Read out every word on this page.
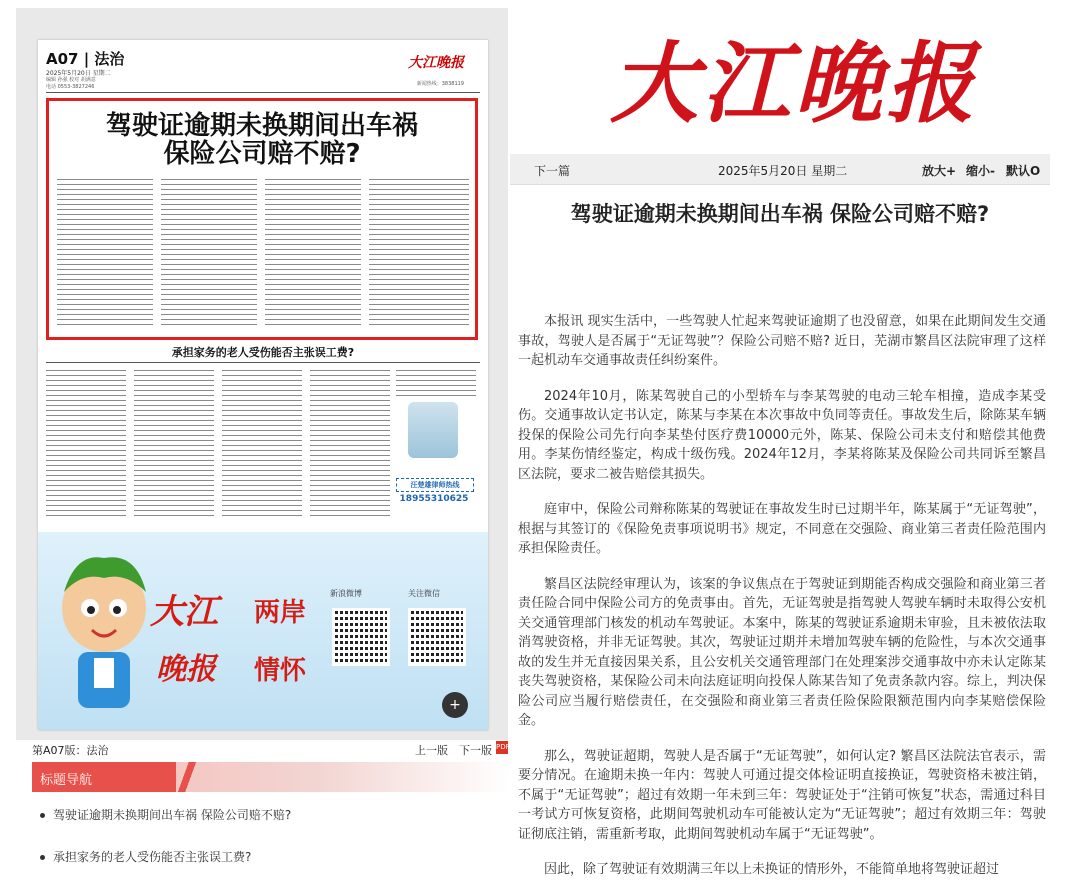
A07 | 法治
2025年5月20日 星期二
编辑 孙强 校对 胡满意
电话 0553-3827246
大江晚报
新闻热线：3838119
驾驶证逾期未换期间出车祸
保险公司赔不赔?
承担家务的老人受伤能否主张误工费?
汪楚雄律师热线
18955310625
大江 两岸
晚报 情怀
新浪微博	关注微信
+
第A07版：法治	上一版 下一版 PDF
标题导航
驾驶证逾期未换期间出车祸 保险公司赔不赔?
承担家务的老人受伤能否主张误工费?
大江晚报
下一篇	2025年5月20日 星期二	放大+ 缩小- 默认O
驾驶证逾期未换期间出车祸 保险公司赔不赔?

本报讯 现实生活中，一些驾驶人忙起来驾驶证逾期了也没留意，如果在此期间发生交通事故，驾驶人是否属于“无证驾驶”？保险公司赔不赔? 近日，芜湖市繁昌区法院审理了这样一起机动车交通事故责任纠纷案件。

2024年10月，陈某驾驶自己的小型轿车与李某驾驶的电动三轮车相撞，造成李某受伤。交通事故认定书认定，陈某与李某在本次事故中负同等责任。事故发生后，除陈某车辆投保的保险公司先行向李某垫付医疗费10000元外，陈某、保险公司未支付和赔偿其他费用。李某伤情经鉴定，构成十级伤残。2024年12月，李某将陈某及保险公司共同诉至繁昌区法院，要求二被告赔偿其损失。

庭审中，保险公司辩称陈某的驾驶证在事故发生时已过期半年，陈某属于“无证驾驶”，根据与其签订的《保险免责事项说明书》规定，不同意在交强险、商业第三者责任险范围内承担保险责任。

繁昌区法院经审理认为，该案的争议焦点在于驾驶证到期能否构成交强险和商业第三者责任险合同中保险公司方的免责事由。首先，无证驾驶是指驾驶人驾驶车辆时未取得公安机关交通管理部门核发的机动车驾驶证。本案中，陈某的驾驶证系逾期未审验，且未被依法取消驾驶资格，并非无证驾驶。其次，驾驶证过期并未增加驾驶车辆的危险性，与本次交通事故的发生并无直接因果关系，且公安机关交通管理部门在处理案涉交通事故中亦未认定陈某丧失驾驶资格，某保险公司未向法庭证明向投保人陈某告知了免责条款内容。综上，判决保险公司应当履行赔偿责任，在交强险和商业第三者责任险保险限额范围内向李某赔偿保险金。

那么，驾驶证超期，驾驶人是否属于“无证驾驶”，如何认定? 繁昌区法院法官表示，需要分情况。在逾期未换一年内：驾驶人可通过提交体检证明直接换证，驾驶资格未被注销，不属于“无证驾驶”；超过有效期一年未到三年：驾驶证处于“注销可恢复”状态，需通过科目一考试方可恢复资格，此期间驾驶机动车可能被认定为“无证驾驶”；超过有效期三年：驾驶证彻底注销，需重新考取，此期间驾驶机动车属于“无证驾驶”。

因此，除了驾驶证有效期满三年以上未换证的情形外，不能简单地将驾驶证超过
